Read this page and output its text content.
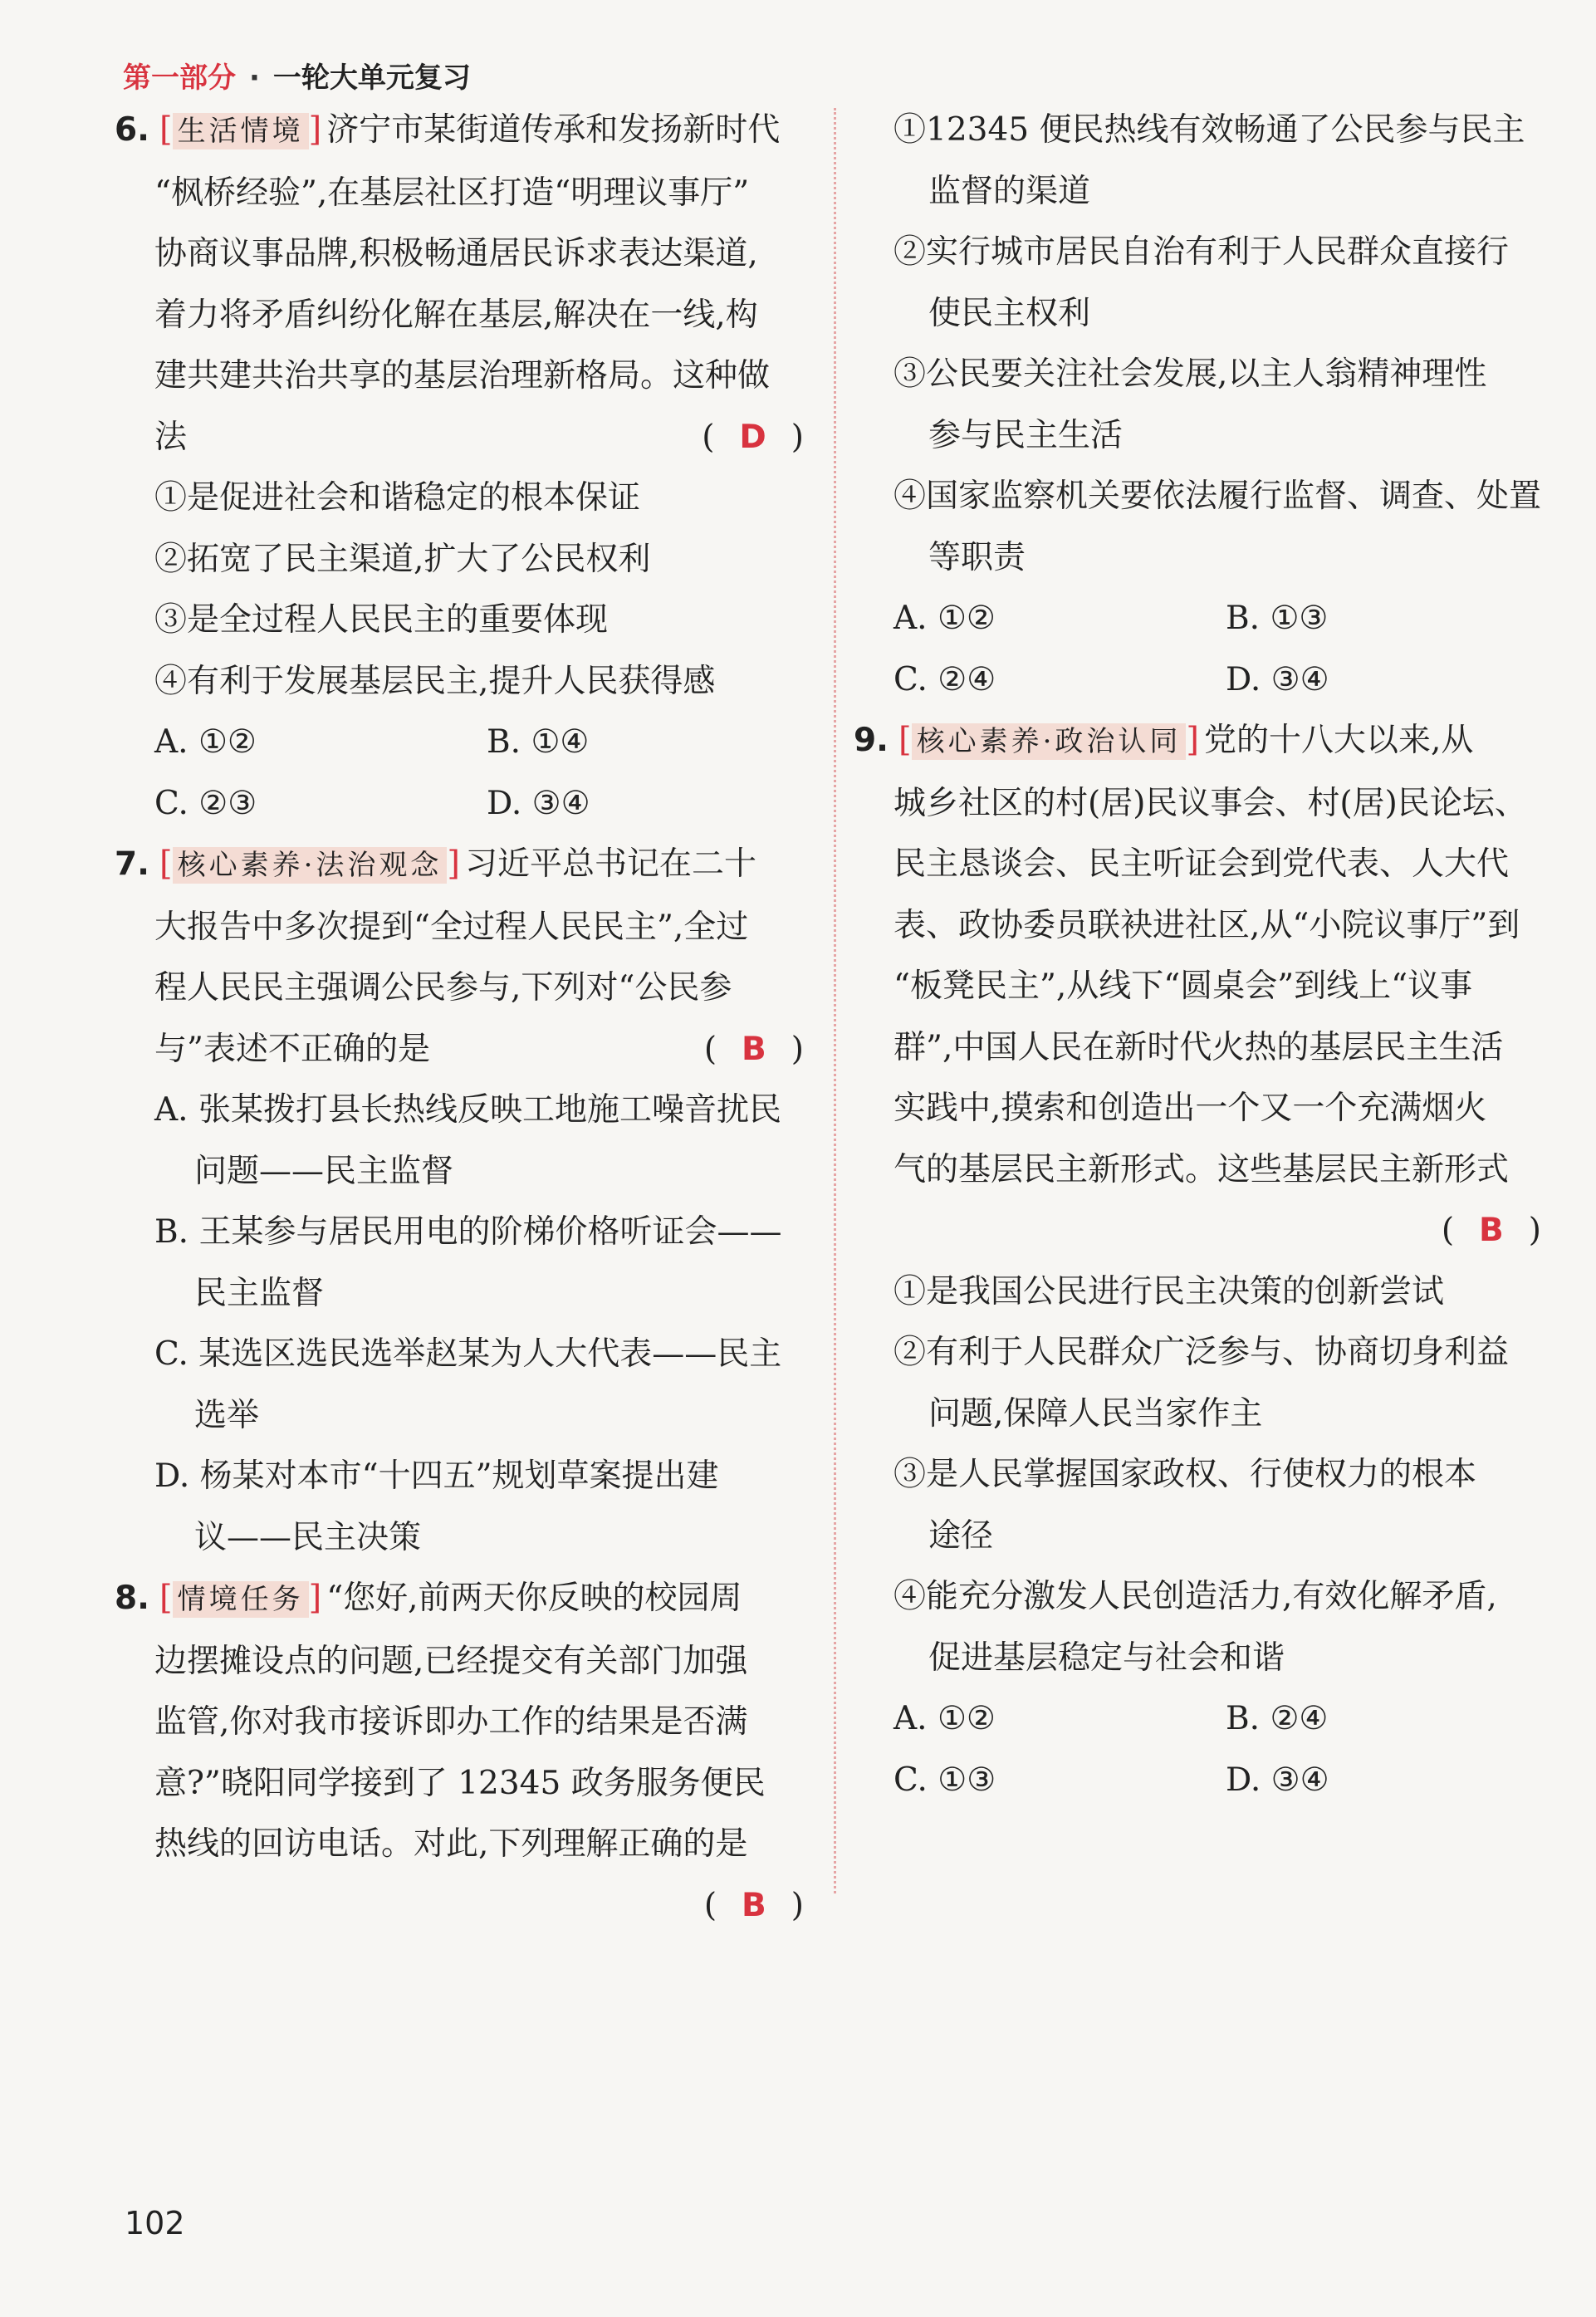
第一部分 · 一轮大单元复习
6. [ 生活情境 ] 济宁市某街道传承和发扬新时代
“枫桥经验”,在基层社区打造“明理议事厅”
协商议事品牌,积极畅通居民诉求表达渠道,
着力将矛盾纠纷化解在基层,解决在一线,构
建共建共治共享的基层治理新格局。这种做
法	( D )
①是促进社会和谐稳定的根本保证
②拓宽了民主渠道,扩大了公民权利
③是全过程人民民主的重要体现
④有利于发展基层民主,提升人民获得感
A. ①②	B. ①④
C. ②③	D. ③④
7. [ 核心素养·法治观念 ] 习近平总书记在二十
大报告中多次提到“全过程人民民主”,全过
程人民民主强调公民参与,下列对“公民参
与”表述不正确的是	( B )
A. 张某拨打县长热线反映工地施工噪音扰民
问题——民主监督
B. 王某参与居民用电的阶梯价格听证会——
民主监督
C. 某选区选民选举赵某为人大代表——民主
选举
D. 杨某对本市“十四五”规划草案提出建
议——民主决策
8. [ 情境任务 ] “您好,前两天你反映的校园周
边摆摊设点的问题,已经提交有关部门加强
监管,你对我市接诉即办工作的结果是否满
意?”晓阳同学接到了 12345 政务服务便民
热线的回访电话。对此,下列理解正确的是
( B )
①12345 便民热线有效畅通了公民参与民主
监督的渠道
②实行城市居民自治有利于人民群众直接行
使民主权利
③公民要关注社会发展,以主人翁精神理性
参与民主生活
④国家监察机关要依法履行监督、调查、处置
等职责
A. ①②	B. ①③
C. ②④	D. ③④
9. [ 核心素养·政治认同 ] 党的十八大以来,从
城乡社区的村(居)民议事会、村(居)民论坛、
民主恳谈会、民主听证会到党代表、人大代
表、政协委员联袂进社区,从“小院议事厅”到
“板凳民主”,从线下“圆桌会”到线上“议事
群”,中国人民在新时代火热的基层民主生活
实践中,摸索和创造出一个又一个充满烟火
气的基层民主新形式。这些基层民主新形式
( B )
①是我国公民进行民主决策的创新尝试
②有利于人民群众广泛参与、协商切身利益
问题,保障人民当家作主
③是人民掌握国家政权、行使权力的根本
途径
④能充分激发人民创造活力,有效化解矛盾,
促进基层稳定与社会和谐
A. ①②	B. ②④
C. ①③	D. ③④
102
